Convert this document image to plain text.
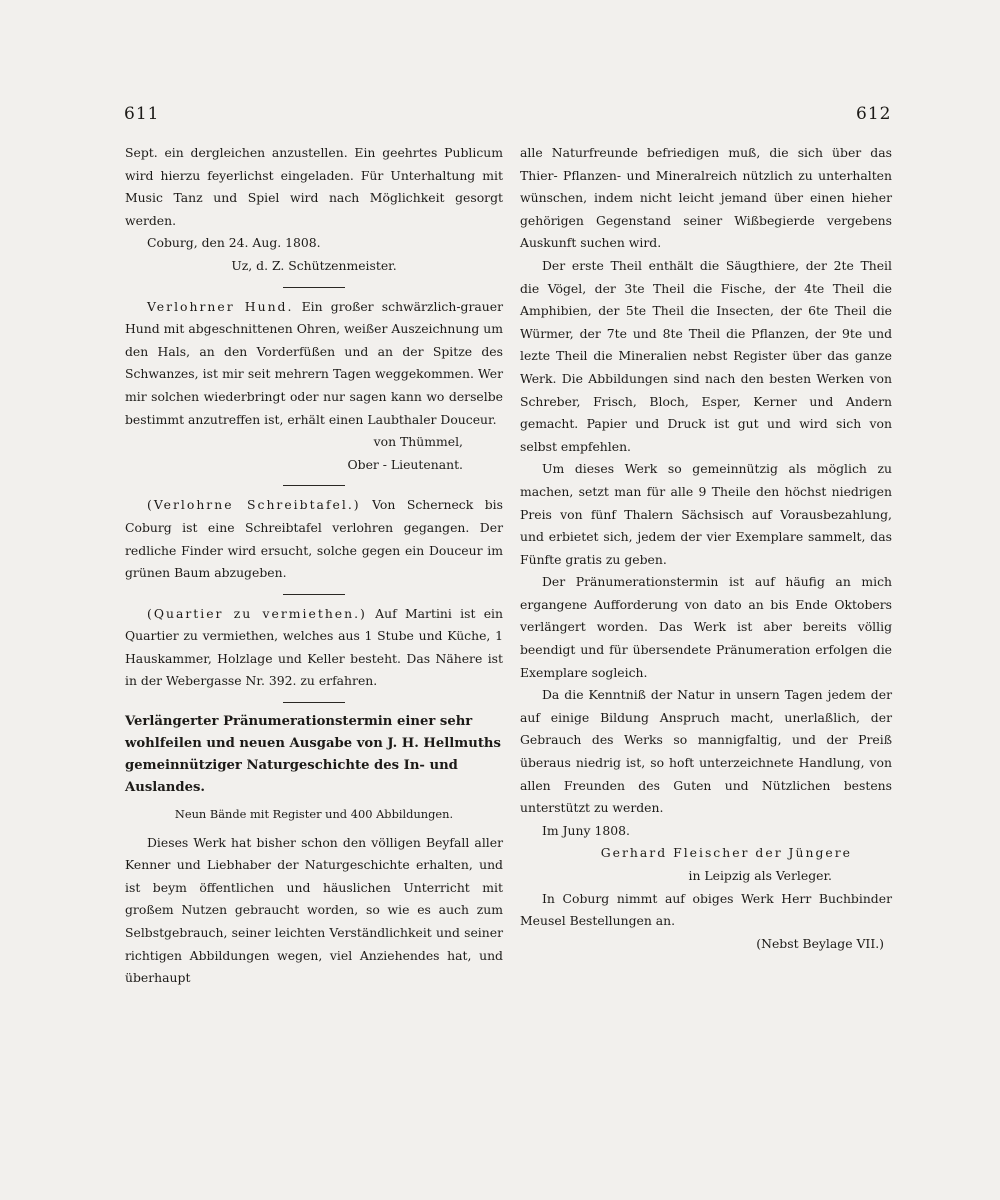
611	612

Sept. ein dergleichen anzustellen. Ein geehrtes Publicum wird hierzu feyerlichst eingeladen. Für Unterhaltung mit Music Tanz und Spiel wird nach Möglichkeit gesorgt werden.

Coburg, den 24. Aug. 1808.

Uz, d. Z. Schützenmeister.

Verlohrner Hund. Ein großer schwärzlich-grauer Hund mit abgeschnittenen Ohren, weißer Auszeichnung um den Hals, an den Vorderfüßen und an der Spitze des Schwanzes, ist mir seit mehrern Tagen weggekommen. Wer mir solchen wiederbringt oder nur sagen kann wo derselbe bestimmt anzutreffen ist, erhält einen Laubthaler Douceur.

von Thümmel,

Ober - Lieutenant.

(Verlohrne Schreibtafel.) Von Scherneck bis Coburg ist eine Schreibtafel verlohren gegangen. Der redliche Finder wird ersucht, solche gegen ein Douceur im grünen Baum abzugeben.

(Quartier zu vermiethen.) Auf Martini ist ein Quartier zu vermiethen, welches aus 1 Stube und Küche, 1 Hauskammer, Holzlage und Keller besteht. Das Nähere ist in der Webergasse Nr. 392. zu erfahren.

Verlängerter Pränumerationstermin einer sehr wohlfeilen und neuen Ausgabe von J. H. Hellmuths gemeinnütziger Naturgeschichte des In- und Auslandes.

Neun Bände mit Register und 400 Abbildungen.

Dieses Werk hat bisher schon den völligen Beyfall aller Kenner und Liebhaber der Naturgeschichte erhalten, und ist beym öffentlichen und häuslichen Unterricht mit großem Nutzen gebraucht worden, so wie es auch zum Selbstgebrauch, seiner leichten Verständlichkeit und seiner richtigen Abbildungen wegen, viel Anziehendes hat, und überhaupt

alle Naturfreunde befriedigen muß, die sich über das Thier- Pflanzen- und Mineralreich nützlich zu unterhalten wünschen, indem nicht leicht jemand über einen hieher gehörigen Gegenstand seiner Wißbegierde vergebens Auskunft suchen wird.

Der erste Theil enthält die Säugthiere, der 2te Theil die Vögel, der 3te Theil die Fische, der 4te Theil die Amphibien, der 5te Theil die Insecten, der 6te Theil die Würmer, der 7te und 8te Theil die Pflanzen, der 9te und lezte Theil die Mineralien nebst Register über das ganze Werk. Die Abbildungen sind nach den besten Werken von Schreber, Frisch, Bloch, Esper, Kerner und Andern gemacht. Papier und Druck ist gut und wird sich von selbst empfehlen.

Um dieses Werk so gemeinnützig als möglich zu machen, setzt man für alle 9 Theile den höchst niedrigen Preis von fünf Thalern Sächsisch auf Vorausbezahlung, und erbietet sich, jedem der vier Exemplare sammelt, das Fünfte gratis zu geben.

Der Pränumerationstermin ist auf häufig an mich ergangene Aufforderung von dato an bis Ende Oktobers verlängert worden. Das Werk ist aber bereits völlig beendigt und für übersendete Pränumeration erfolgen die Exemplare sogleich.

Da die Kenntniß der Natur in unsern Tagen jedem der auf einige Bildung Anspruch macht, unerlaßlich, der Gebrauch des Werks so mannigfaltig, und der Preiß überaus niedrig ist, so hoft unterzeichnete Handlung, von allen Freunden des Guten und Nützlichen bestens unterstützt zu werden.

Im Juny 1808.

Gerhard Fleischer der Jüngere

in Leipzig als Verleger.

In Coburg nimmt auf obiges Werk Herr Buchbinder Meusel Bestellungen an.

(Nebst Beylage VII.)
